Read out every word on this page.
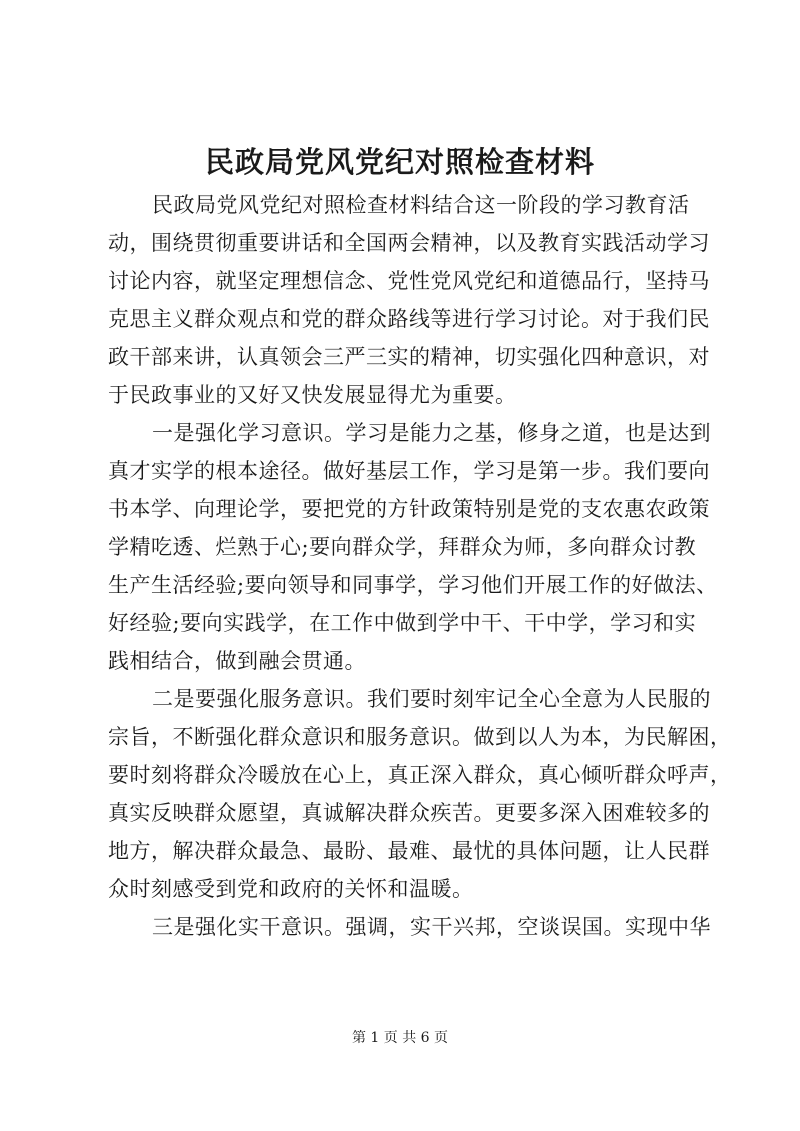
民政局党风党纪对照检查材料
民政局党风党纪对照检查材料结合这一阶段的学习教育活
动，围绕贯彻重要讲话和全国两会精神，以及教育实践活动学习
讨论内容，就坚定理想信念、党性党风党纪和道德品行，坚持马
克思主义群众观点和党的群众路线等进行学习讨论。对于我们民
政干部来讲，认真领会三严三实的精神，切实强化四种意识，对
于民政事业的又好又快发展显得尤为重要。
一是强化学习意识。学习是能力之基，修身之道，也是达到
真才实学的根本途径。做好基层工作，学习是第一步。我们要向
书本学、向理论学，要把党的方针政策特别是党的支农惠农政策
学精吃透、烂熟于心;要向群众学，拜群众为师，多向群众讨教
生产生活经验;要向领导和同事学，学习他们开展工作的好做法、
好经验;要向实践学，在工作中做到学中干、干中学，学习和实
践相结合，做到融会贯通。
二是要强化服务意识。我们要时刻牢记全心全意为人民服的
宗旨，不断强化群众意识和服务意识。做到以人为本，为民解困，
要时刻将群众冷暖放在心上，真正深入群众，真心倾听群众呼声，
真实反映群众愿望，真诚解决群众疾苦。更要多深入困难较多的
地方，解决群众最急、最盼、最难、最忧的具体问题，让人民群
众时刻感受到党和政府的关怀和温暖。
三是强化实干意识。强调，实干兴邦，空谈误国。实现中华
第 1 页 共 6 页
